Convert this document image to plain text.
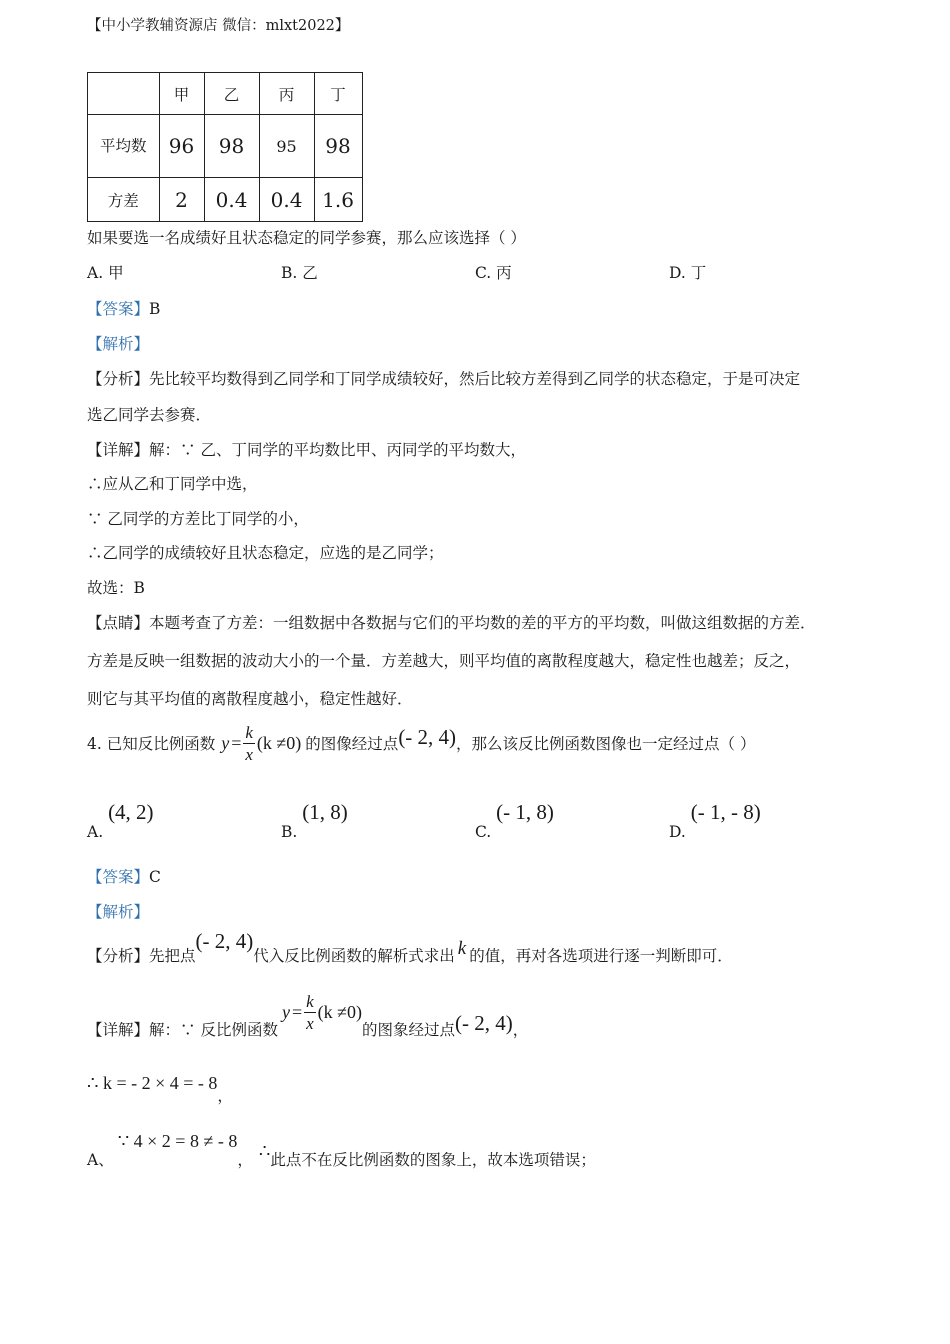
【中小学教辅资源店 微信：mlxt2022】
	甲	乙	丙	丁
平均数	96	98	95	98
方差	2	0.4	0.4	1.6
如果要选一名成绩好且状态稳定的同学参赛，那么应该选择（ ）
A. 甲	B. 乙	C. 丙	D. 丁
【答案】B
【解析】
【分析】先比较平均数得到乙同学和丁同学成绩较好，然后比较方差得到乙同学的状态稳定，于是可决定
选乙同学去参赛．
【详解】解：∵ 乙、丁同学的平均数比甲、丙同学的平均数大，
∴应从乙和丁同学中选，
∵ 乙同学的方差比丁同学的小，
∴乙同学的成绩较好且状态稳定，应选的是乙同学；
故选：B
【点睛】本题考查了方差：一组数据中各数据与它们的平均数的差的平方的平均数，叫做这组数据的方差．
方差是反映一组数据的波动大小的一个量．方差越大，则平均值的离散程度越大，稳定性也越差；反之，
则它与其平均值的离散程度越小，稳定性越好．
4. 已知反比例函数 $y = \frac{k}{x} (k \ne 0)$ 的图像经过点 (- 2, 4) ，那么该反比例函数图像也一定经过点（ ）
A. (4, 2)
B. (1, 8)
C. (- 1, 8)
D. (- 1, - 8)
【答案】C
【解析】
【分析】 先把点
(- 2, 4)
代入反比例函数的解析式求出 k 的值，再对各选项进行逐一判断即可．
【详解】 解：∵ 反比例函数
$y = \frac{k}{x} (k \ne 0)$
的图象经过点 (- 2, 4) ，
∴ k = - 2 × 4 = - 8，
A、
∵ 4 × 2 = 8 ≠ - 8
， ∴ 此点不在反比例函数的图象上，故本选项错误；
